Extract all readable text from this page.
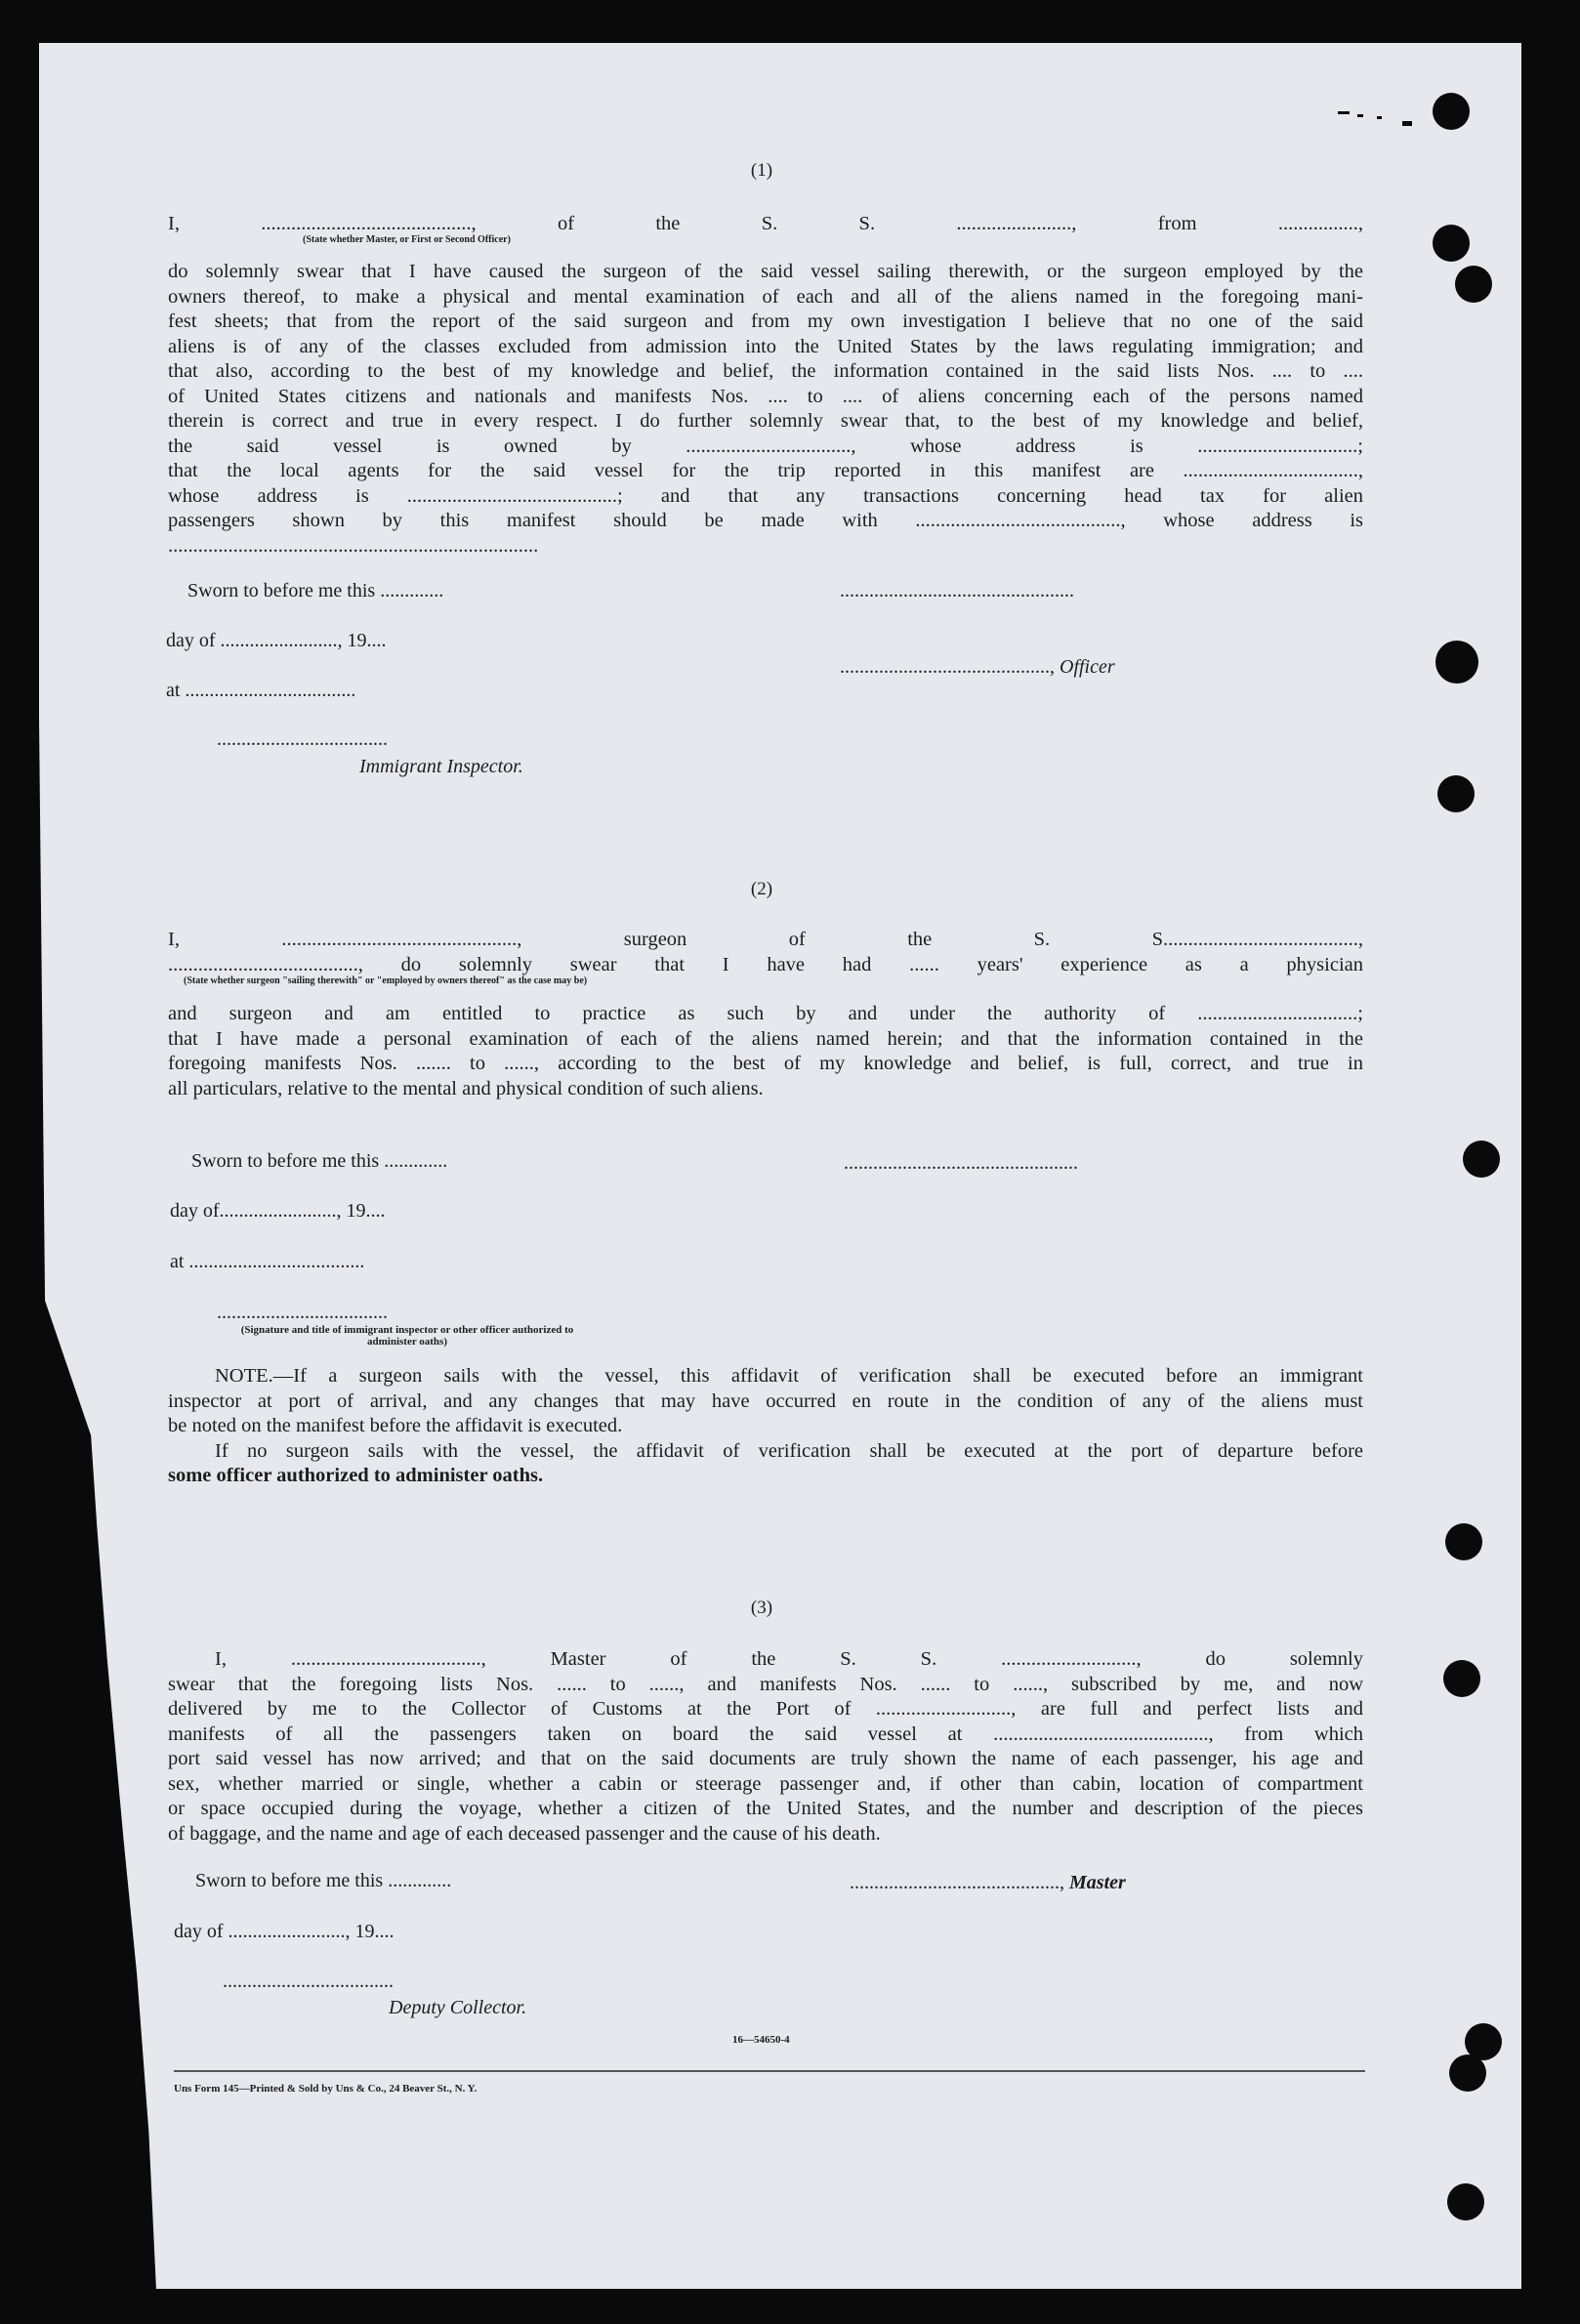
(1)
I, .........................................., of the S. S. ......................., from ................,
(State whether Master, or First or Second Officer)
do solemnly swear that I have caused the surgeon of the said vessel sailing therewith, or the surgeon employed by the
owners thereof, to make a physical and mental examination of each and all of the aliens named in the foregoing mani-
fest sheets; that from the report of the said surgeon and from my own investigation I believe that no one of the said
aliens is of any of the classes excluded from admission into the United States by the laws regulating immigration; and
that also, according to the best of my knowledge and belief, the information contained in the said lists Nos. .... to ....
of United States citizens and nationals and manifests Nos. .... to .... of aliens concerning each of the persons named
therein is correct and true in every respect. I do further solemnly swear that, to the best of my knowledge and belief,
the said vessel is owned by ................................., whose address is ................................;
that the local agents for the said vessel for the trip reported in this manifest are ...................................,
whose address is ..........................................; and that any transactions concerning head tax for alien
passengers shown by this manifest should be made with ........................................., whose address is
..........................................................................
Sworn to before me this .............
day of ........................, 19....
at ...................................
...................................
Immigrant Inspector.
................................................
..........................................., Officer
(2)
I, ..............................................., surgeon of the S. S.......................................,
......................................, do solemnly swear that I have had ...... years' experience as a physician
(State whether surgeon "sailing therewith" or "employed by owners thereof" as the case may be)
and surgeon and am entitled to practice as such by and under the authority of ................................;
that I have made a personal examination of each of the aliens named herein; and that the information contained in the
foregoing manifests Nos. ....... to ......, according to the best of my knowledge and belief, is full, correct, and true in
all particulars, relative to the mental and physical condition of such aliens.
Sworn to before me this .............
day of........................, 19....
at ....................................
...................................
(Signature and title of immigrant inspector or other officer authorized to administer oaths)
................................................
NOTE.—If a surgeon sails with the vessel, this affidavit of verification shall be executed before an immigrant
inspector at port of arrival, and any changes that may have occurred en route in the condition of any of the aliens must
be noted on the manifest before the affidavit is executed.
If no surgeon sails with the vessel, the affidavit of verification shall be executed at the port of departure before
some officer authorized to administer oaths.
(3)
I, ......................................, Master of the S. S. ..........................., do solemnly
swear that the foregoing lists Nos. ...... to ......, and manifests Nos. ...... to ......, subscribed by me, and now
delivered by me to the Collector of Customs at the Port of ..........................., are full and perfect lists and
manifests of all the passengers taken on board the said vessel at ..........................................., from which
port said vessel has now arrived; and that on the said documents are truly shown the name of each passenger, his age and
sex, whether married or single, whether a cabin or steerage passenger and, if other than cabin, location of compartment
or space occupied during the voyage, whether a citizen of the United States, and the number and description of the pieces
of baggage, and the name and age of each deceased passenger and the cause of his death.
Sworn to before me this .............
day of ........................, 19....
...................................
Deputy Collector.
..........................................., Master
16—54650-4
Uns Form 145—Printed & Sold by Uns & Co., 24 Beaver St., N. Y.
